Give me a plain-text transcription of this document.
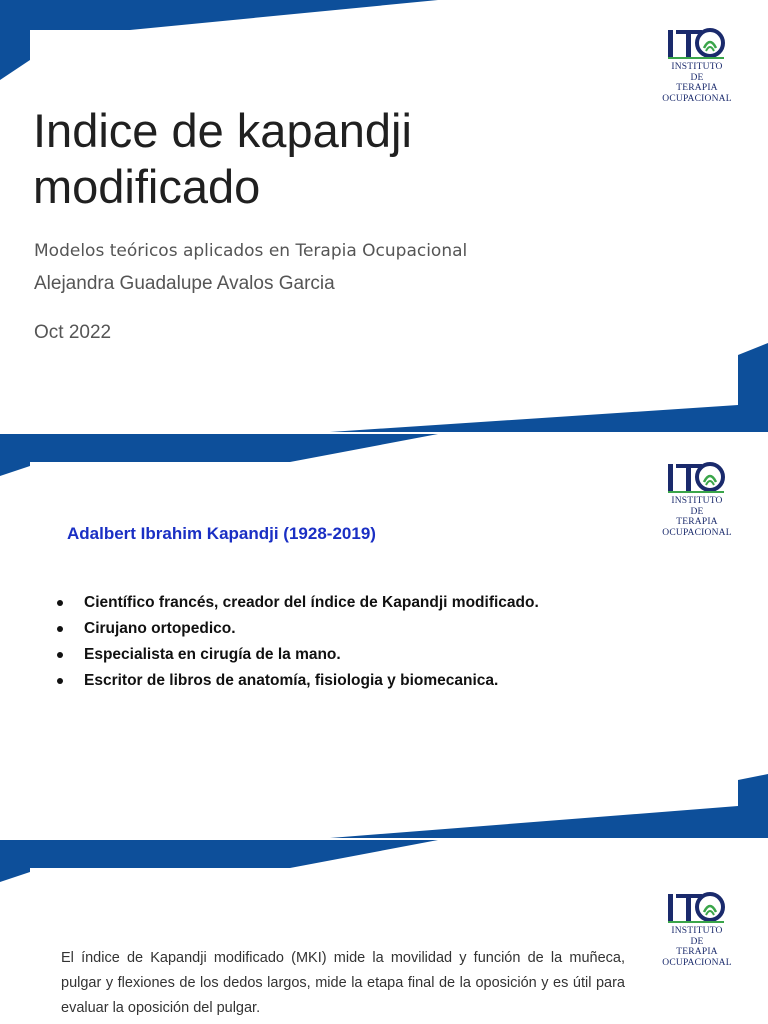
INSTITUTO
DE
TERAPIA
OCUPACIONAL
Indice de kapandji
modificado
Modelos teóricos aplicados en Terapia Ocupacional
Alejandra Guadalupe Avalos Garcia
Oct 2022
INSTITUTO
DE
TERAPIA
OCUPACIONAL
Adalbert Ibrahim Kapandji (1928-2019)
Científico francés, creador del índice de Kapandji modificado.
Cirujano ortopedico.
Especialista en cirugía de la mano.
Escritor de libros de anatomía, fisiologia y biomecanica.
INSTITUTO
DE
TERAPIA
OCUPACIONAL
El índice de Kapandji modificado (MKI) mide la movilidad y función de la muñeca, pulgar y flexiones de los dedos largos, mide la etapa final de la oposición y es útil para evaluar la oposición del pulgar.
